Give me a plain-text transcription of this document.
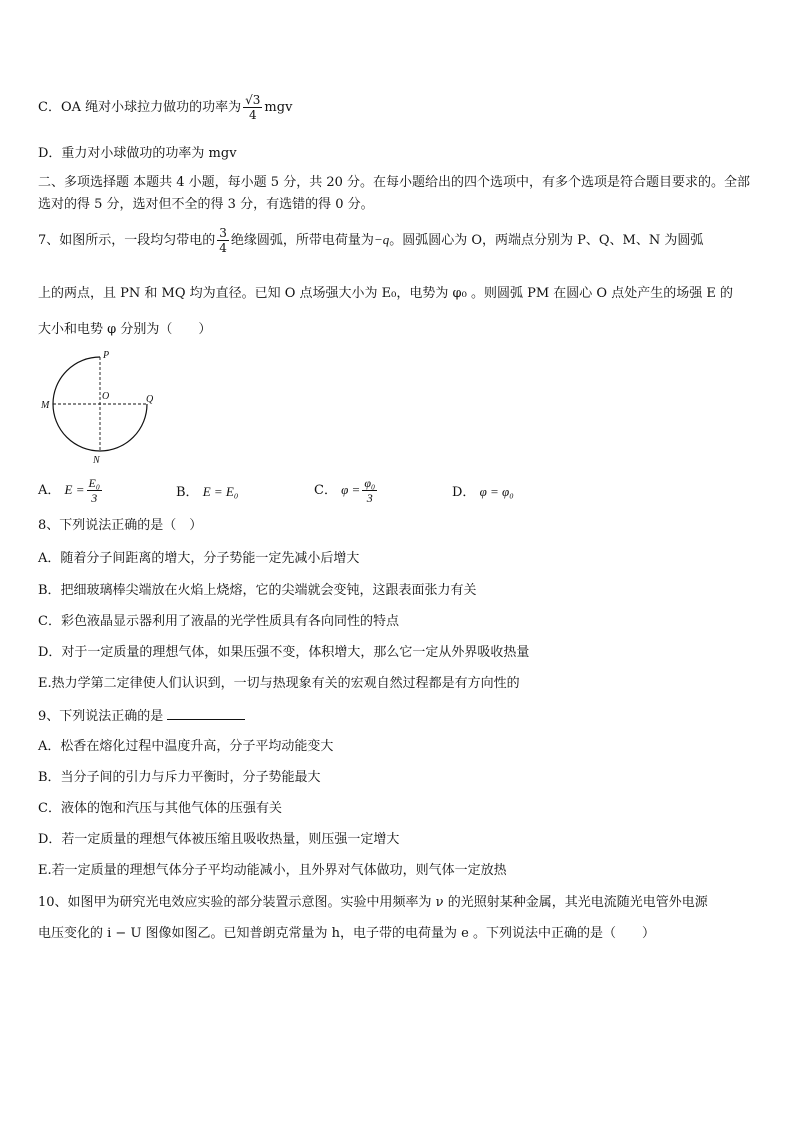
C．OA 绳对小球拉力做功的功率为 $\frac{√3}{4}$ mgv
D．重力对小球做功的功率为 mgv
二、多项选择题 本题共 4 小题，每小题 5 分，共 20 分。在每小题给出的四个选项中，有多个选项是符合题目要求的。全部选对的得 5 分，选对但不全的得 3 分，有选错的得 0 分。
7、如图所示，一段均匀带电的 $\frac{3}{4}$ 绝缘圆弧，所带电荷量为−q。圆弧圆心为 O，两端点分别为 P、Q、M、N 为圆弧
上的两点，且 PN 和 MQ 均为直径。已知 O 点场强大小为 E₀，电势为 φ₀ 。则圆弧 PM 在圆心 O 点处产生的场强 E 的
大小和电势 φ 分别为（　　）
P
O
M
Q
N
A． $E = \frac{\text{E₀}}{3}$	B． E = E₀	C． $\varphi = \frac{\text{φ₀}}{3}$	D． φ = φ₀
8、下列说法正确的是（　）
A．随着分子间距离的增大，分子势能一定先减小后增大
B．把细玻璃棒尖端放在火焰上烧熔，它的尖端就会变钝，这跟表面张力有关
C．彩色液晶显示器利用了液晶的光学性质具有各向同性的特点
D．对于一定质量的理想气体，如果压强不变，体积增大，那么它一定从外界吸收热量
E.热力学第二定律使人们认识到，一切与热现象有关的宏观自然过程都是有方向性的
9、下列说法正确的是
A．松香在熔化过程中温度升高，分子平均动能变大
B．当分子间的引力与斥力平衡时，分子势能最大
C．液体的饱和汽压与其他气体的压强有关
D．若一定质量的理想气体被压缩且吸收热量，则压强一定增大
E.若一定质量的理想气体分子平均动能减小，且外界对气体做功，则气体一定放热
10、如图甲为研究光电效应实验的部分装置示意图。实验中用频率为 ν 的光照射某种金属，其光电流随光电管外电源
电压变化的 i − U 图像如图乙。已知普朗克常量为 h，电子带的电荷量为 e 。下列说法中正确的是（　　）
